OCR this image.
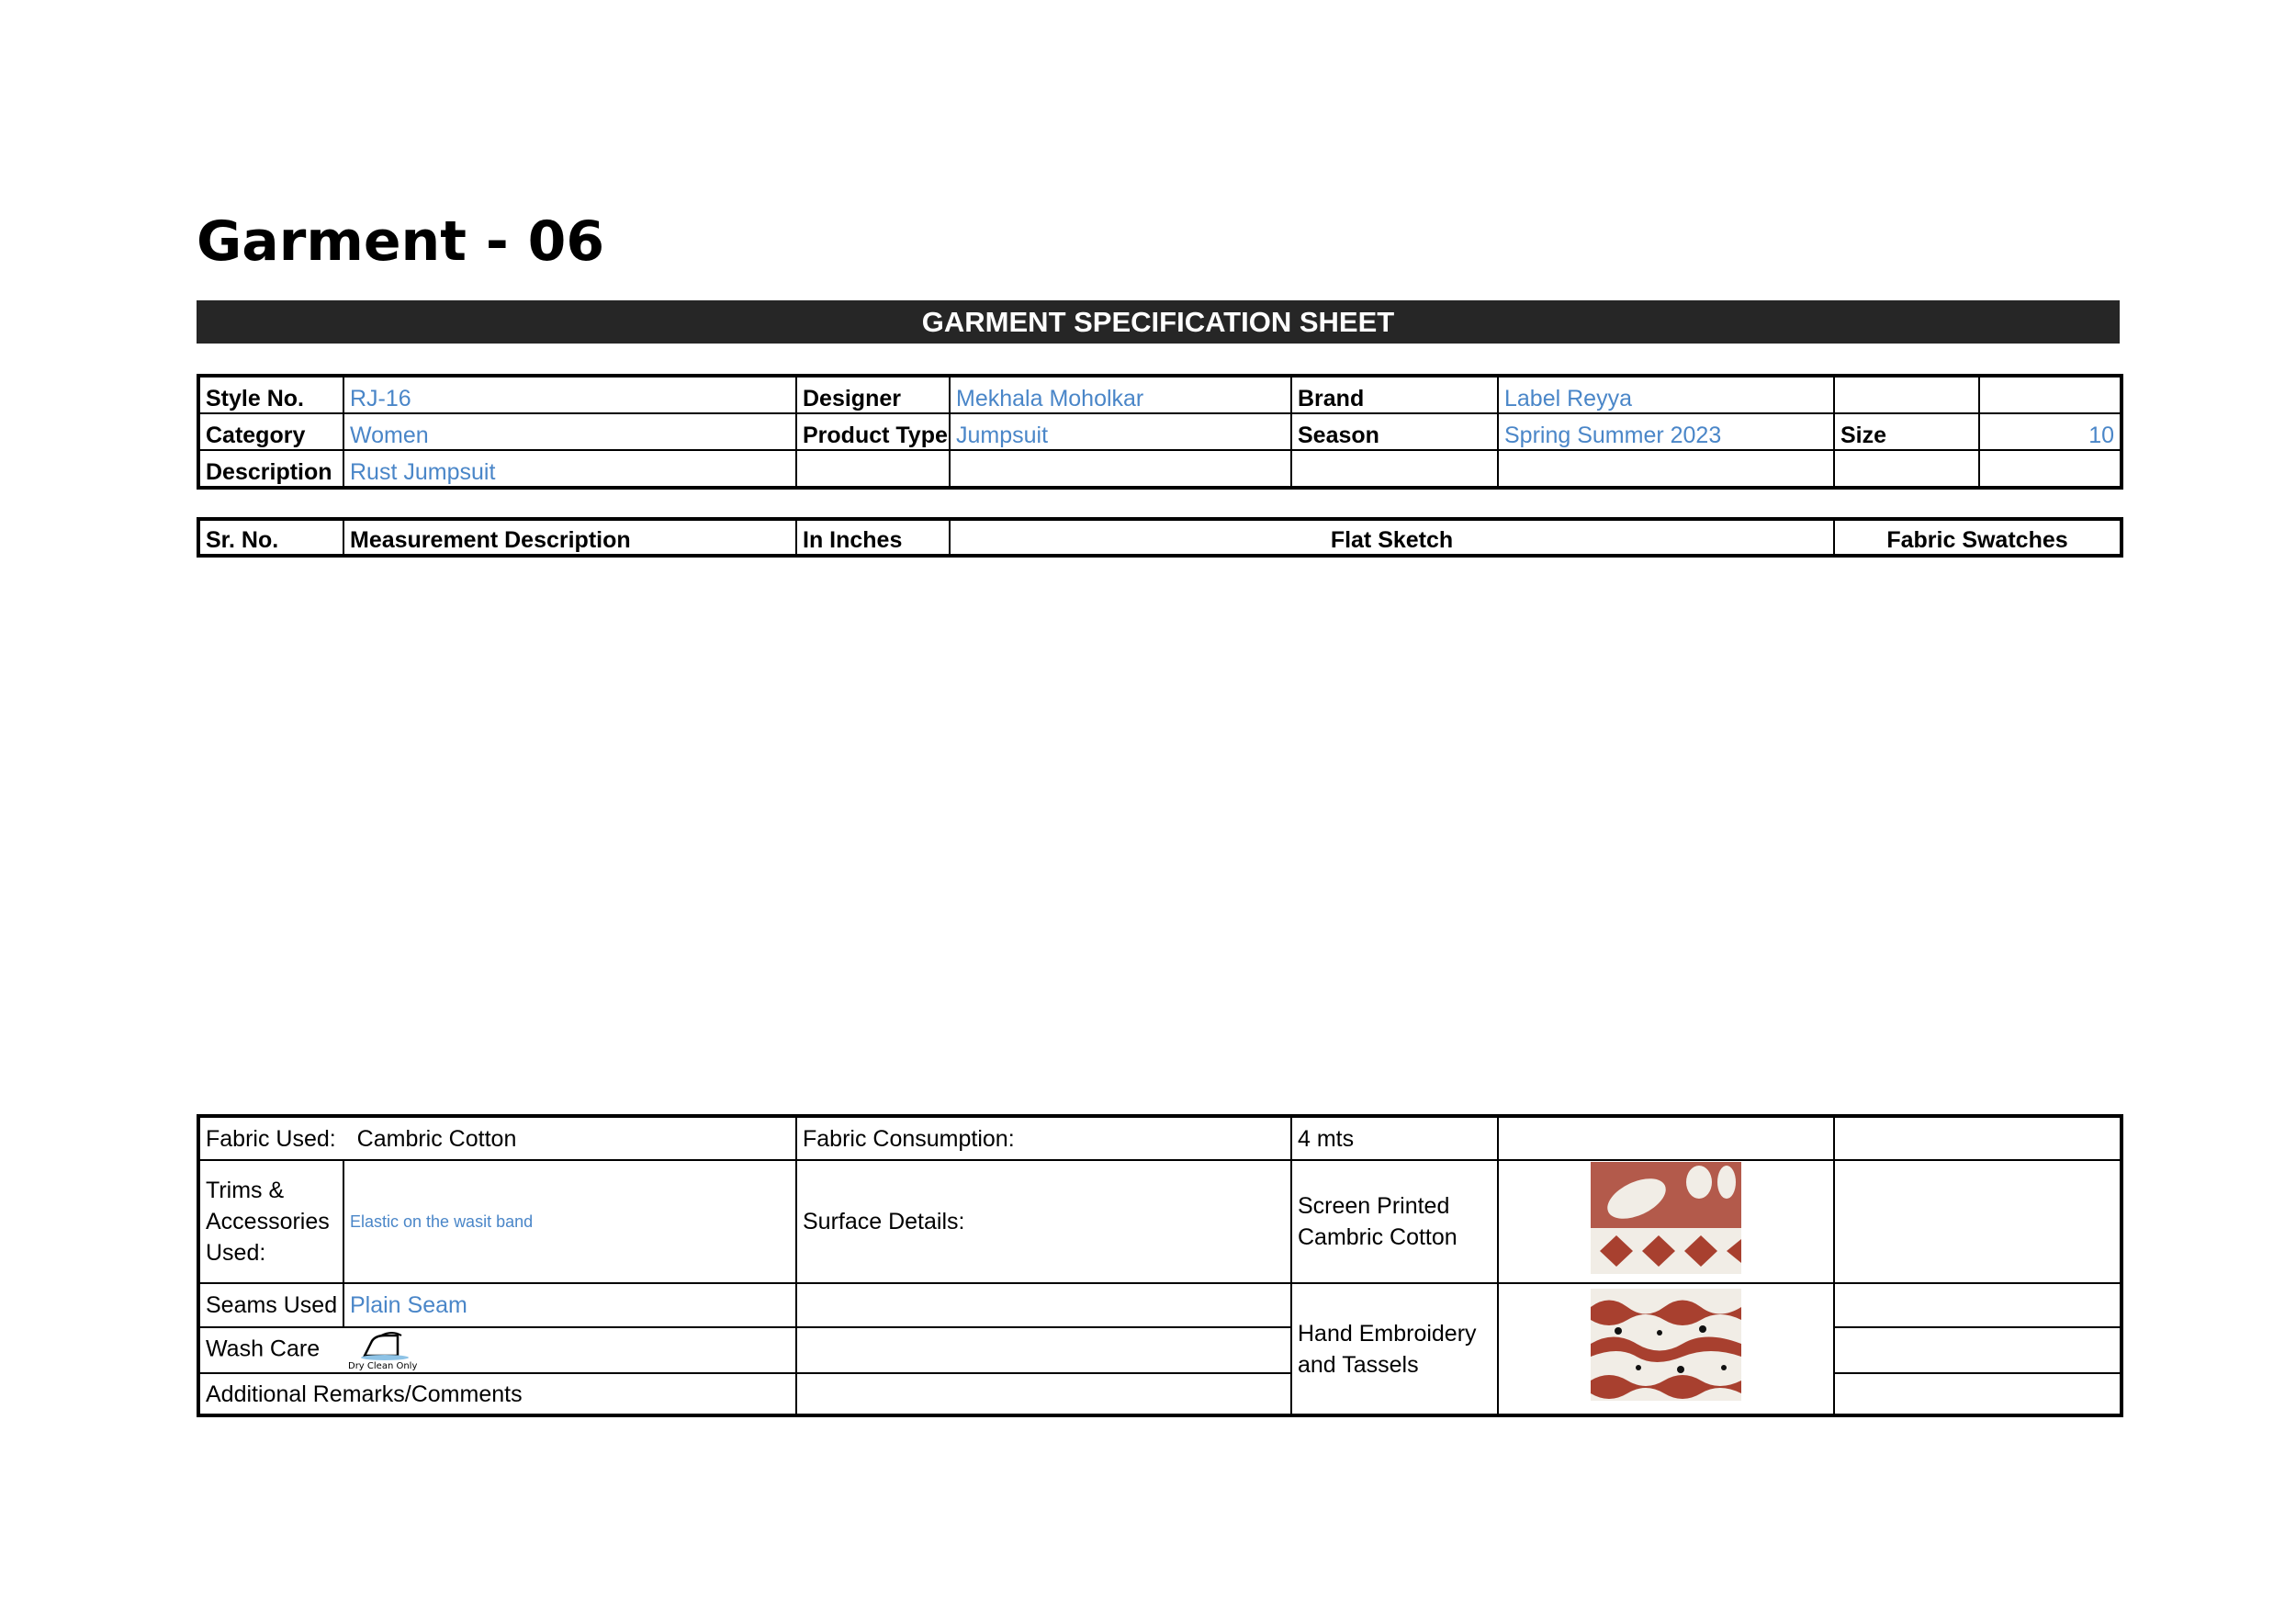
Garment - 06
GARMENT SPECIFICATION SHEET
Style No.	RJ-16	Designer	Mekhala Moholkar	Brand	Label Reyya		
Category	Women	Product Type	Jumpsuit	Season	Spring Summer 2023	Size	10
Description	Rust Jumpsuit						
Sr. No.	Measurement Description	In Inches	Flat Sketch	Fabric Swatches
Fabric Used: Cambric Cotton		Fabric Consumption:	4 mts		
Trims & Accessories Used:	Elastic on the wasit band	Surface Details:	Screen Printed Cambric Cotton		
Seams Used	Plain Seam		Hand Embroidery and Tassels		
Wash Care
Dry Clean Only					

Additional Remarks/Comments					
